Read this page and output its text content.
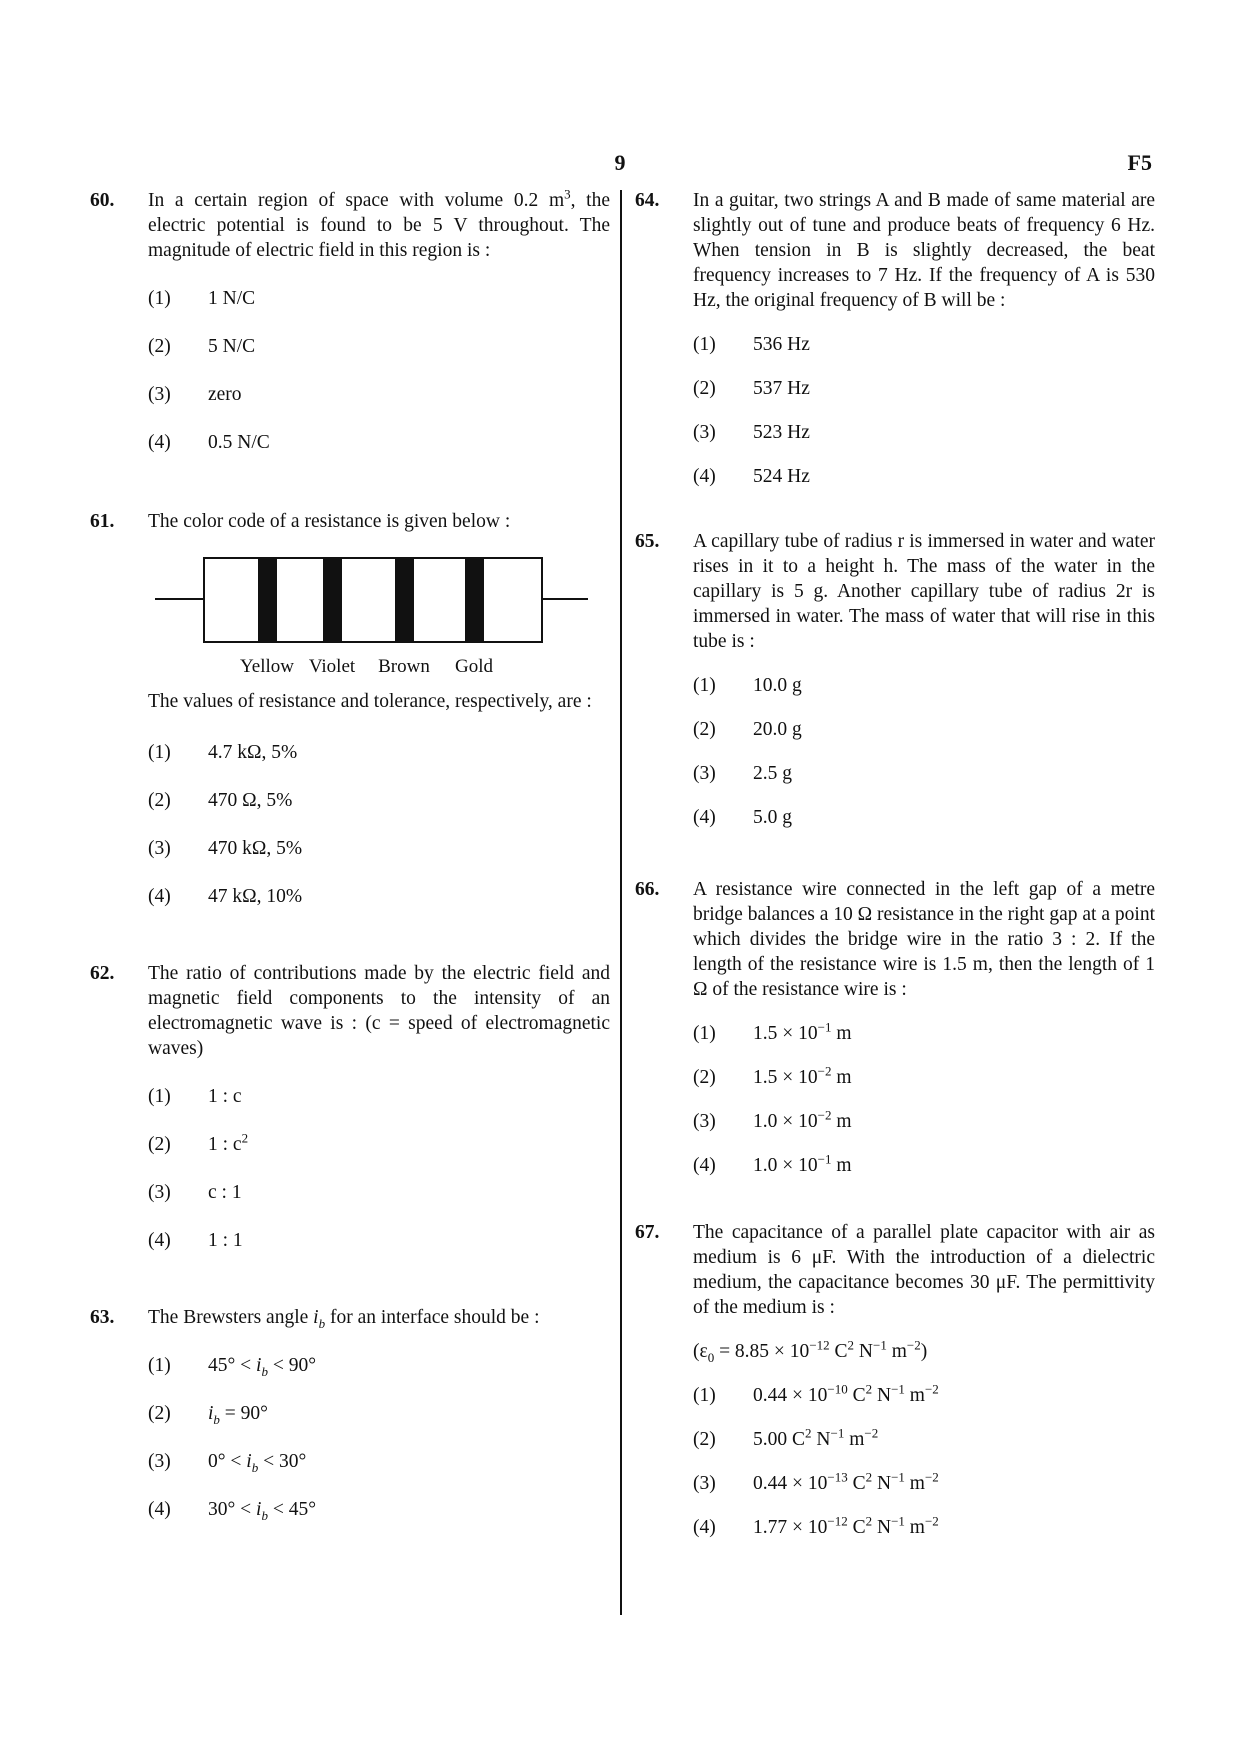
9	F5
60. In a certain region of space with volume 0.2 $m^3$, the electric potential is found to be 5 V throughout. The magnitude of electric field in this region is :
(1)	1 N/C
(2)	5 N/C
(3)	zero
(4)	0.5 N/C
61. The color code of a resistance is given below :
Yellow Violet	Brown	Gold
The values of resistance and tolerance, respectively, are :
(1)	4.7 kΩ, 5%
(2)	470 Ω, 5%
(3)	470 kΩ, 5%
(4)	47 kΩ, 10%
62. The ratio of contributions made by the electric field and magnetic field components to the intensity of an electromagnetic wave is : (c = speed of electromagnetic waves)
(1)	1 : c
(2)	1 : $c^2$
(3)	c : 1
(4)	1 : 1
63. The Brewsters angle $i_b$ for an interface should be :
(1)	$45^\circ < i_b < 90^\circ$
(2)	$i_b = 90^\circ$
(3)	$0^\circ < i_b < 30^\circ$
(4)	$30^\circ < i_b < 45^\circ$
64. In a guitar, two strings A and B made of same material are slightly out of tune and produce beats of frequency 6 Hz. When tension in B is slightly decreased, the beat frequency increases to 7 Hz. If the frequency of A is 530 Hz, the original frequency of B will be :
(1)	536 Hz
(2)	537 Hz
(3)	523 Hz
(4)	524 Hz
65. A capillary tube of radius r is immersed in water and water rises in it to a height h. The mass of the water in the capillary is 5 g. Another capillary tube of radius 2r is immersed in water. The mass of water that will rise in this tube is :
(1)	10.0 g
(2)	20.0 g
(3)	2.5 g
(4)	5.0 g
66. A resistance wire connected in the left gap of a metre bridge balances a 10 Ω resistance in the right gap at a point which divides the bridge wire in the ratio 3 : 2. If the length of the resistance wire is 1.5 m, then the length of 1 Ω of the resistance wire is :
(1)	$1.5 \times 10^{-1}$ m
(2)	$1.5 \times 10^{-2}$ m
(3)	$1.0 \times 10^{-2}$ m
(4)	$1.0 \times 10^{-1}$ m
67. The capacitance of a parallel plate capacitor with air as medium is 6 μF. With the introduction of a dielectric medium, the capacitance becomes 30 μF. The permittivity of the medium is :
($\varepsilon_0 = 8.85 \times 10^{-12}$ $C^2$ $N^{-1}$ $m^{-2}$)
(1)	$0.44 \times 10^{-10}$ $C^2$ $N^{-1}$ $m^{-2}$
(2)	5.00 $C^2$ $N^{-1}$ $m^{-2}$
(3)	$0.44 \times 10^{-13}$ $C^2$ $N^{-1}$ $m^{-2}$
(4)	$1.77 \times 10^{-12}$ $C^2$ $N^{-1}$ $m^{-2}$
